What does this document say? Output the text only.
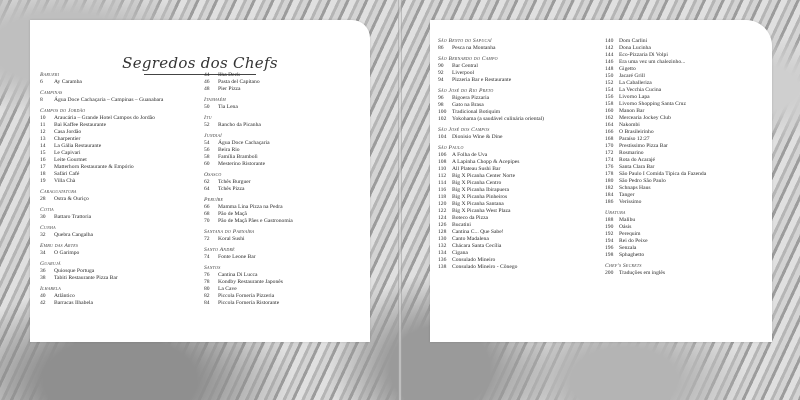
Segredos dos Chefs
Barueri
6	Ay Caramba
Campinas
8	Água Doce Cachaçaria – Campinas – Guanabara
Campos do Jordão
10	Araucária – Grande Hotel Campos do Jordão
11	Baì Kaffee Restaurante
12	Casa Jordão
13	Charpentier
14	La Gália Restaurante
15	Le Capivari
16	Leite Gourmet
17	Matterhorn Restaurante & Empório
18	Safári Café
19	Villa Chà
Caraguatatuba
28	Ostra & Ouriço
Cotia
30	Battaro Trattoria
Cunha
32	Quebra Cangalha
Embu das Artes
34	O Garimpo
Guarujá
36	Quiosque Portuga
38	Tabiti Restaurante Pizza Bar
Ilhabela
40	Atlântico
42	Barracas Ilhabela
44	Ilha Deck
46	Pasta del Capitano
48	Pier Pizza
Itanhaém
50	Tia Lena
Itu
52	Rancho da Picanha
Jundiaí
54	Água Doce Cachaçaria
56	Beira Rio
58	Família Brambolì
60	Mesterino Ristorante
Osasco
62	Tchês Burguer
64	Tchês Pizza
Peruíbe
66	Mamma Lina Pizza na Pedra
68	Pão de Maçã
70	Pão de Maçã Pães e Gastronomia
Santana do Parnaíba
72	Koral Sushi
Santo André
74	Fonte Leone Bar
Santos
76	Cantina Di Lucca
78	Kondby Restaurante Japonês
80	La Cave
82	Piccola Fornería Pizzeria
84	Piccola Fornería Ristorante
São Bento do Sapucaí
86	Pesca na Montanha
São Bernardo do Campo
90	Bar Central
92	Liverpool
94	Pizzeria Bar e Restaurante
São José do Rio Preto
96	Bigoera Pizzaria
98	Gato na Brasa
100	Tradicional Botiquim
102	Yokohama (a saudável culinária oriental)
São José dos Campos
104	Dionisio Wine & Dine
São Paulo
106	A Folha de Uva
108	A Lapinha Chopp & Acepipes
110	All Plateau Sushi Bar
112	Big X Picanha Center Norte
114	Big X Picanha Centro
116	Big X Picanha Ibirapuera
118	Big X Picanha Pinheiros
120	Big X Picanha Santana
122	Big X Picanha West Plaza
124	Boteco da Pizza
126	Bucatini
128	Cantina C... Que Sabe!
130	Canto Madalena
132	Chácara Santa Cecília
134	Cigana
136	Consulado Mineiro
138	Consulado Mineiro - Cônego
140	Dom Carlini
142	Dona Lucinha
144	Eco-Pizzaria Di Volpi
146	Era uma vez um chalezinho...
148	Gigetto
150	Jacaré Grill
152	La Caballeriza
154	La Vecchia Cucina
156	Livorno Lapa
158	Livorno Shopping Santa Cruz
160	Manon Bar
162	Mercearia Jockey Club
164	Nakombi
166	O Brasileirinho
168	Paraíso 12:27
170	Prestissimo Pizza Bar
172	Rosmarino
174	Rota do Acarajé
176	Santa Clara Bar
178	São Paulo I Comida Típica da Fazenda
180	São Pedro São Paulo
182	Schnaps Haus
184	Tanger
186	Veríssimo
Ubatuba
188	Malibu
190	Oásis
192	Perequim
194	Rei do Peixe
196	Senzala
198	Sphaghetto
Chef's Secrets
200	Traduções em inglês
